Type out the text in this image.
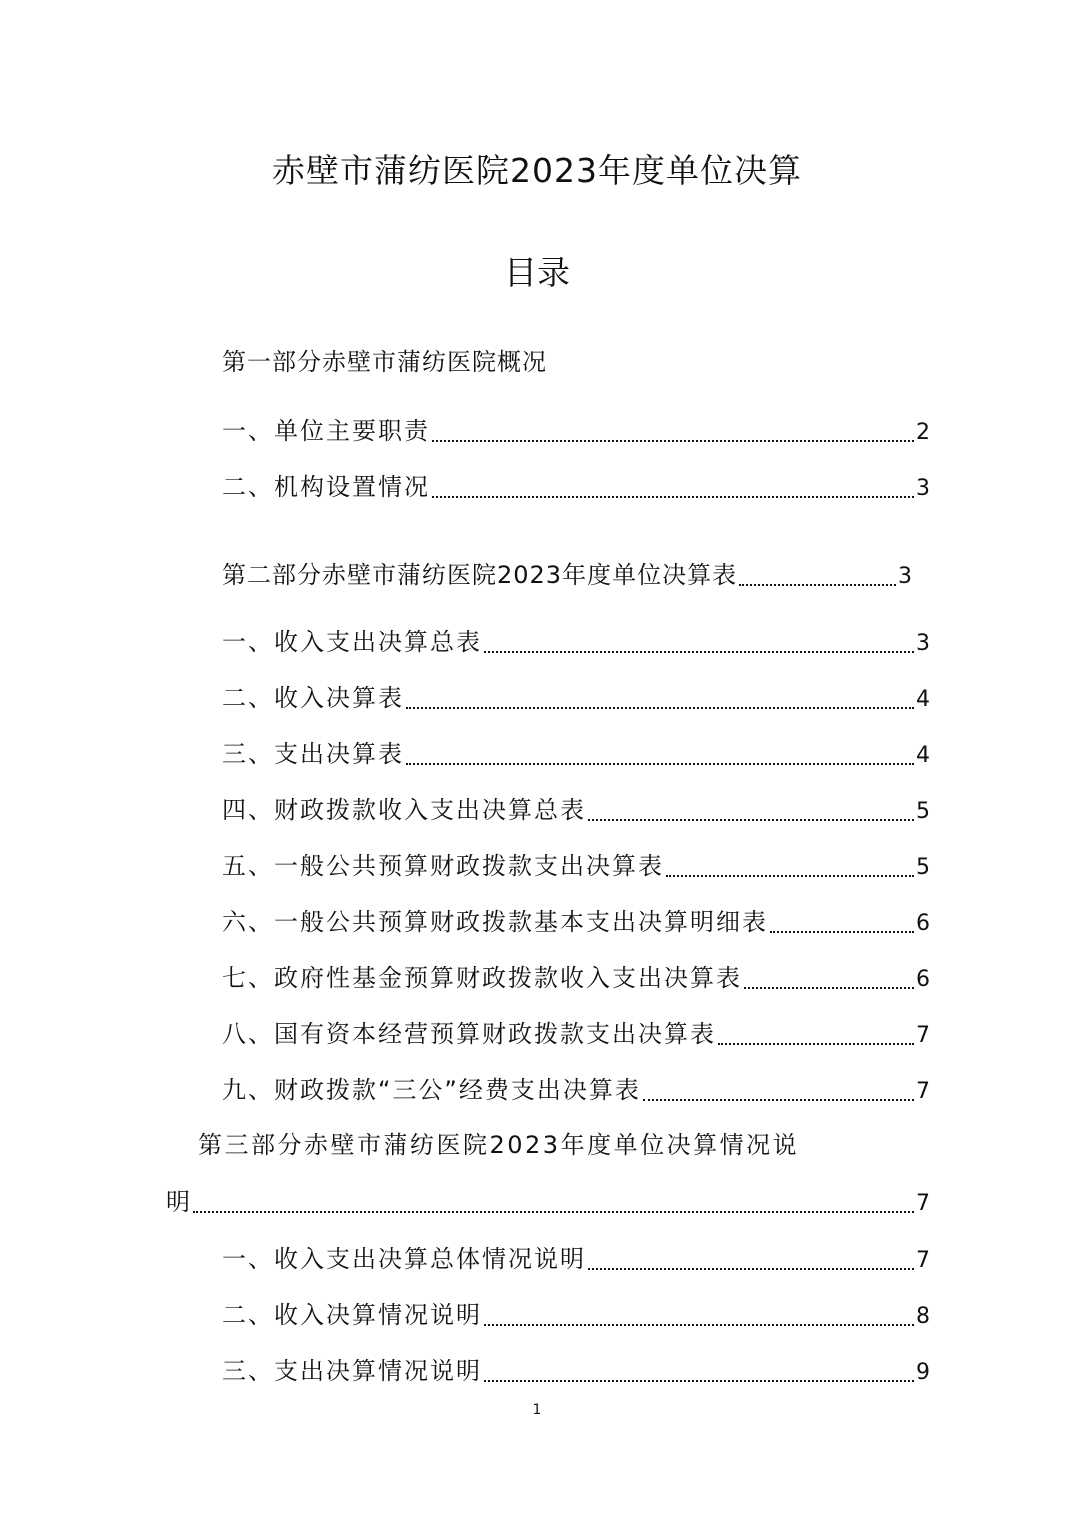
赤壁市蒲纺医院2023年度单位决算
目录
第一部分赤壁市蒲纺医院概况
一、单位主要职责	2
二、机构设置情况	3
第二部分赤壁市蒲纺医院2023年度单位决算表	3
一、收入支出决算总表	3
二、收入决算表	4
三、支出决算表	4
四、财政拨款收入支出决算总表	5
五、一般公共预算财政拨款支出决算表	5
六、一般公共预算财政拨款基本支出决算明细表	6
七、政府性基金预算财政拨款收入支出决算表	6
八、国有资本经营预算财政拨款支出决算表	7
九、财政拨款“三公”经费支出决算表	7
第三部分赤壁市蒲纺医院2023年度单位决算情况说
明	7
一、收入支出决算总体情况说明	7
二、收入决算情况说明	8
三、支出决算情况说明	9
1
